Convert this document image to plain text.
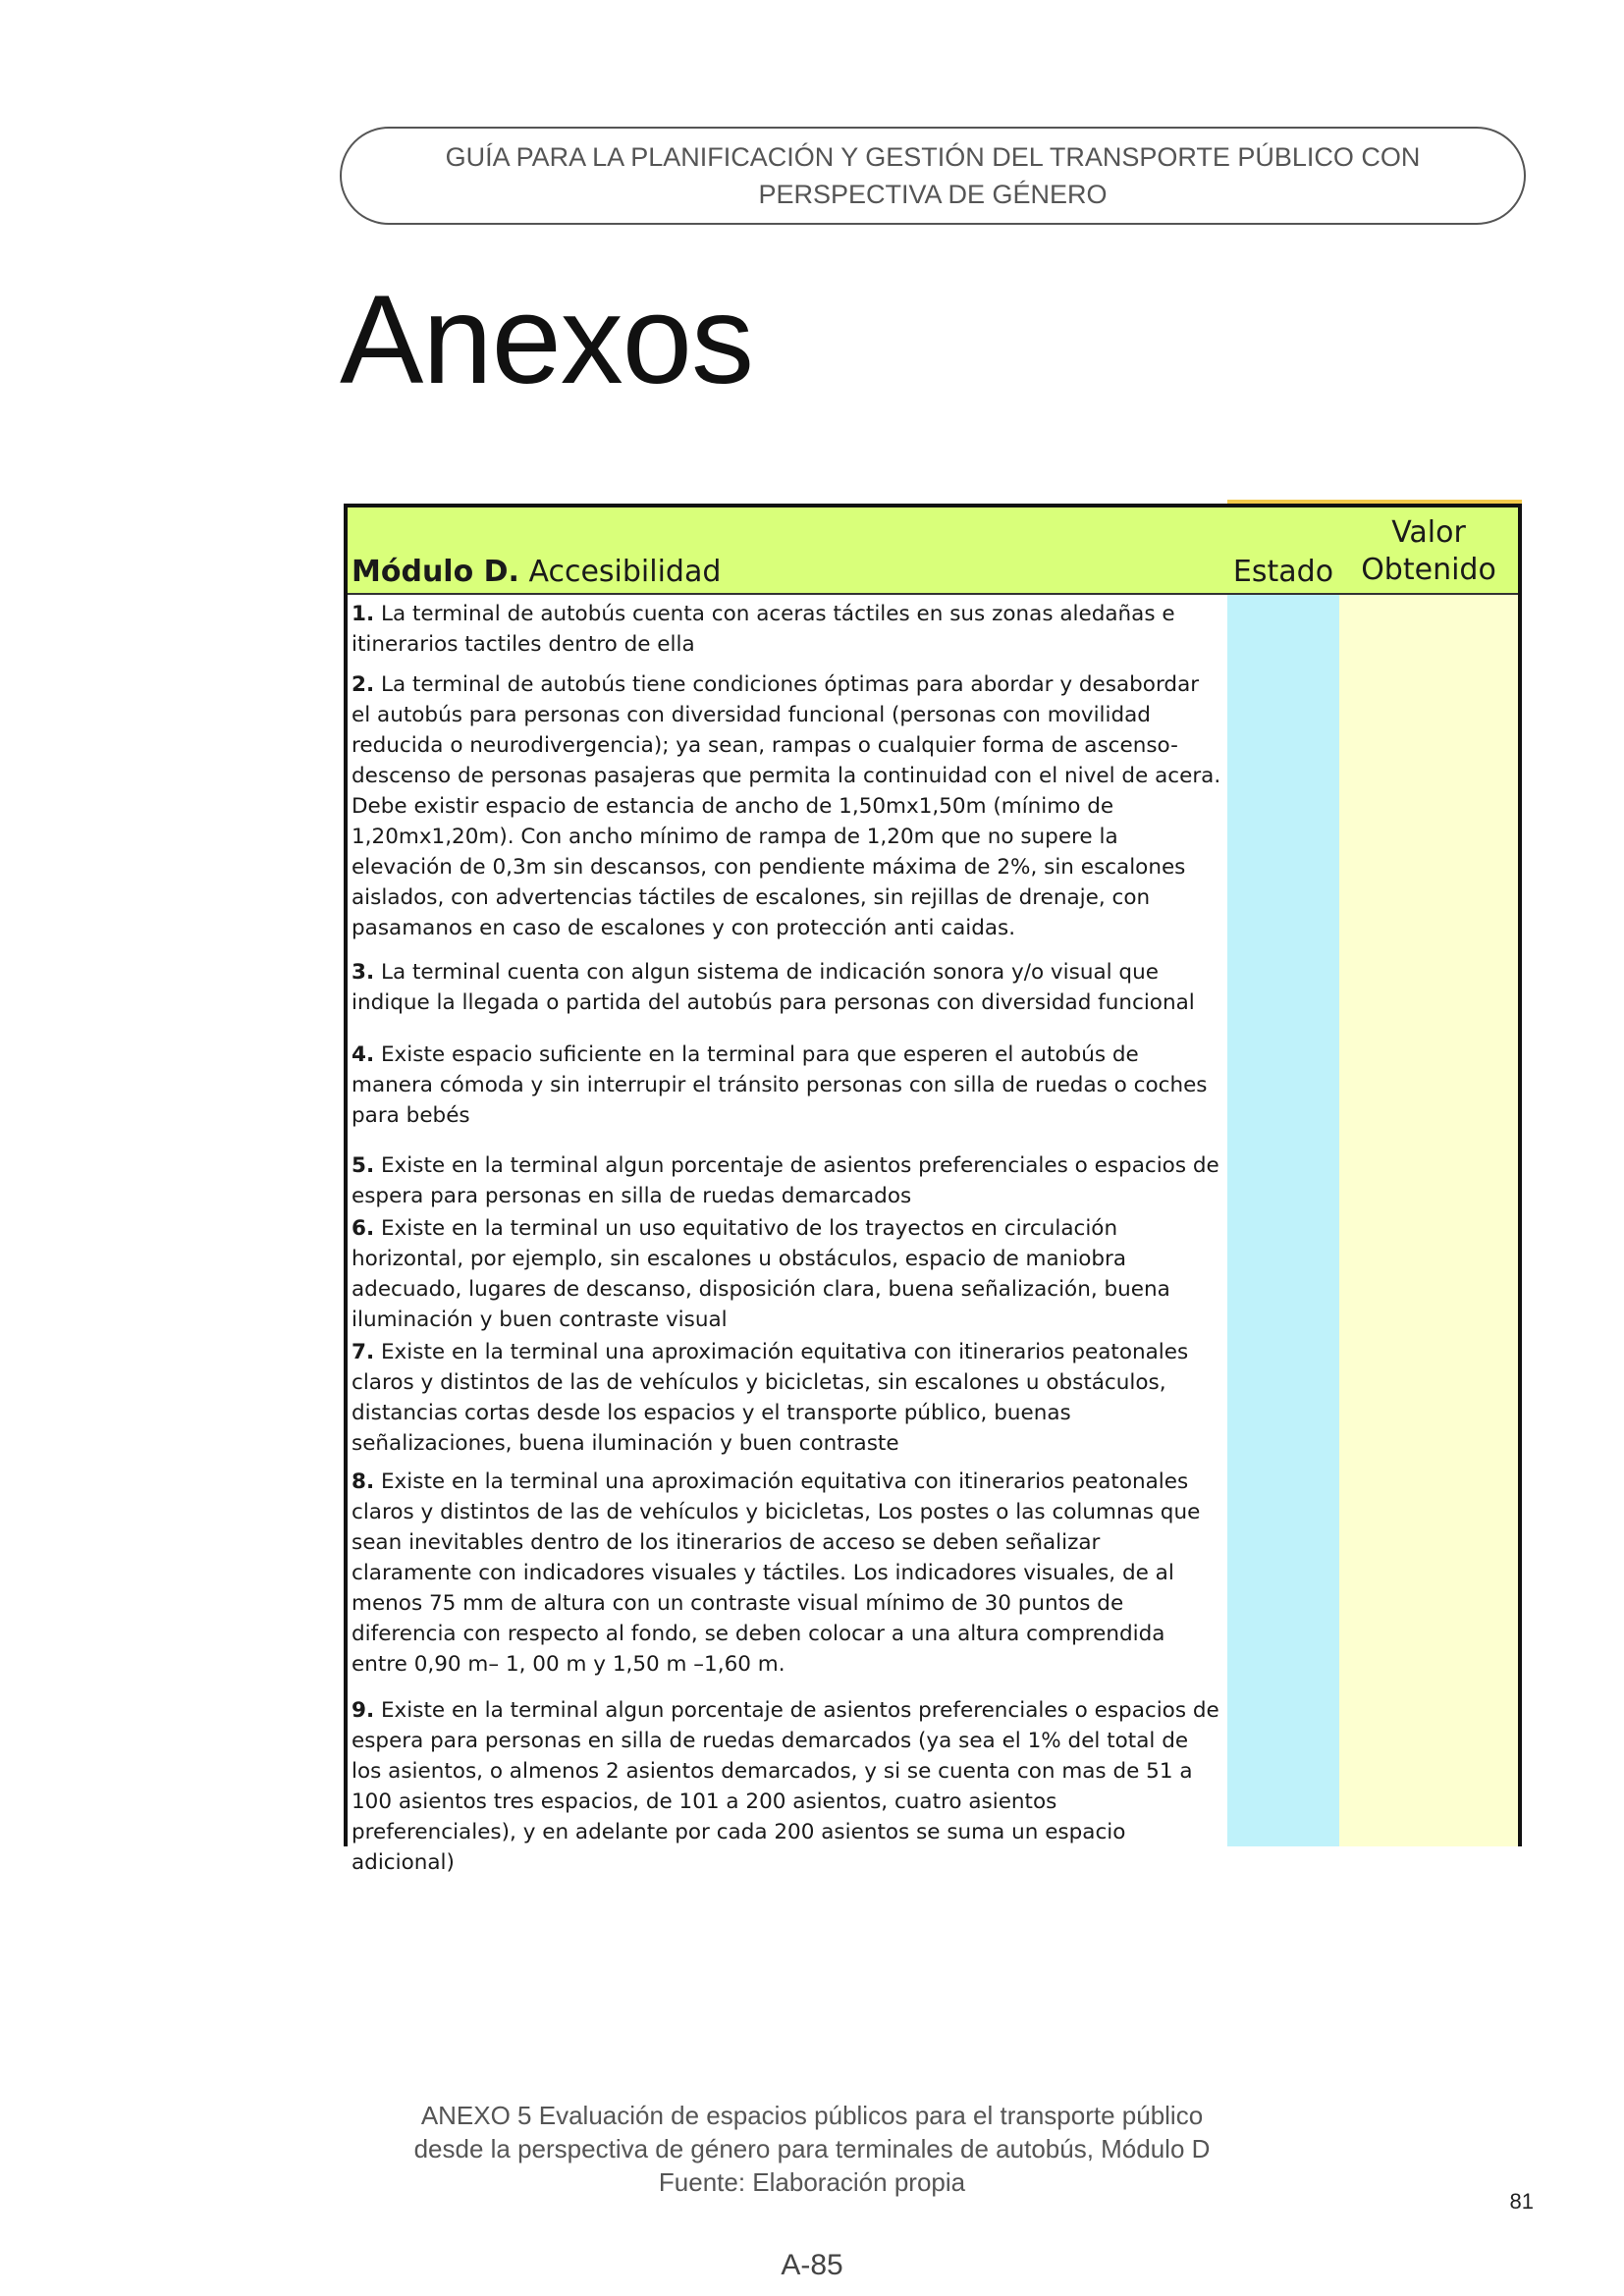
GUÍA PARA LA PLANIFICACIÓN Y GESTIÓN DEL TRANSPORTE PÚBLICO CON
PERSPECTIVA DE GÉNERO
Anexos
Módulo D. Accesibilidad	Estado
Valor
Obtenido

1. La terminal de autobús cuenta con aceras táctiles en sus zonas aledañas e itinerarios tactiles dentro de ella

2. La terminal de autobús tiene condiciones óptimas para abordar y desabordar el autobús para personas con diversidad funcional (personas con movilidad reducida o neurodivergencia); ya sean, rampas o cualquier forma de ascenso-descenso de personas pasajeras que permita la continuidad con el nivel de acera. Debe existir espacio de estancia de ancho de 1,50mx1,50m (mínimo de 1,20mx1,20m). Con ancho mínimo de rampa de 1,20m que no supere la elevación de 0,3m sin descansos, con pendiente máxima de 2%, sin escalones aislados, con advertencias táctiles de escalones, sin rejillas de drenaje, con pasamanos en caso de escalones y con protección anti caidas.

3. La terminal cuenta con algun sistema de indicación sonora y/o visual que indique la llegada o partida del autobús para personas con diversidad funcional

4. Existe espacio suficiente en la terminal para que esperen el autobús de manera cómoda y sin interrupir el tránsito personas con silla de ruedas o coches para bebés

5. Existe en la terminal algun porcentaje de asientos preferenciales o espacios de espera para personas en silla de ruedas demarcados

6. Existe en la terminal un uso equitativo de los trayectos en circulación horizontal, por ejemplo, sin escalones u obstáculos, espacio de maniobra adecuado, lugares de descanso, disposición clara, buena señalización, buena iluminación y buen contraste visual

7. Existe en la terminal una aproximación equitativa con itinerarios peatonales claros y distintos de las de vehículos y bicicletas, sin escalones u obstáculos, distancias cortas desde los espacios y el transporte público, buenas señalizaciones, buena iluminación y buen contraste

8. Existe en la terminal una aproximación equitativa con itinerarios peatonales claros y distintos de las de vehículos y bicicletas, Los postes o las columnas que sean inevitables dentro de los itinerarios de acceso se deben señalizar claramente con indicadores visuales y táctiles. Los indicadores visuales, de al menos 75 mm de altura con un contraste visual mínimo de 30 puntos de diferencia con respecto al fondo, se deben colocar a una altura comprendida entre 0,90 m– 1, 00 m y 1,50 m –1,60 m.

9. Existe en la terminal algun porcentaje de asientos preferenciales o espacios de espera para personas en silla de ruedas demarcados (ya sea el 1% del total de los asientos, o almenos 2 asientos demarcados, y si se cuenta con mas de 51 a 100 asientos tres espacios, de 101 a 200 asientos, cuatro asientos preferenciales), y en adelante por cada 200 asientos se suma un espacio adicional)

ANEXO 5 Evaluación de espacios públicos para el transporte público
desde la perspectiva de género para terminales de autobús, Módulo D
Fuente: Elaboración propia
81
A-85
